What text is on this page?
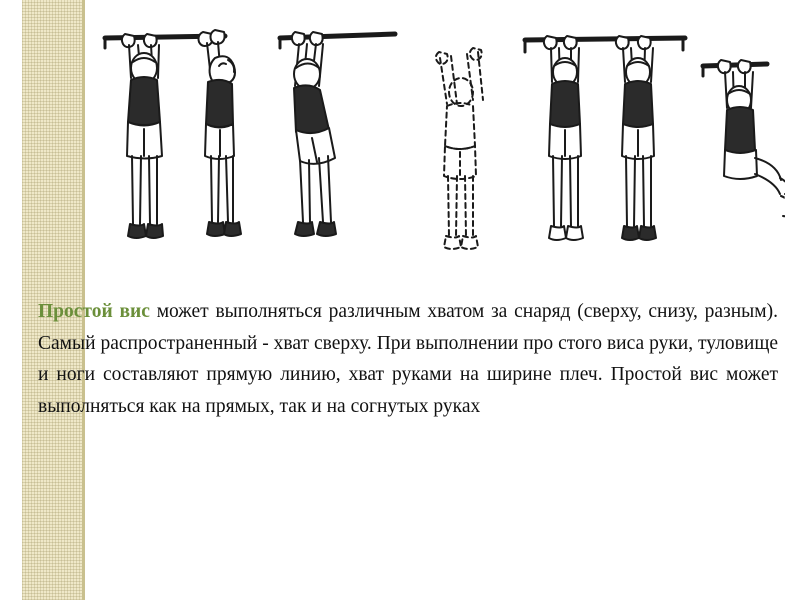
Простой вис может выполняться различным хватом за снаряд (сверху, снизу, разным). Самый распространенный - хват сверху. При выполнении про стого виса руки, туловище и ноги составляют прямую линию, хват руками на ширине плеч. Простой вис может выполняться как на прямых, так и на согнутых руках
